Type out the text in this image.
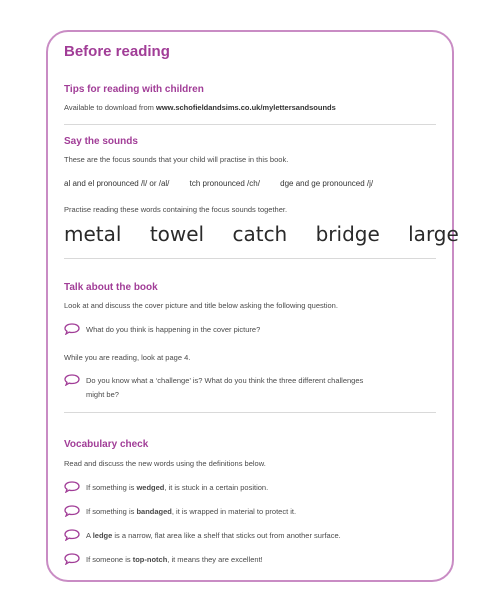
Before reading
Tips for reading with children
Available to download from www.schofieldandsims.co.uk/mylettersandsounds
Say the sounds
These are the focus sounds that your child will practise in this book.
al and el pronounced /l/ or /al/	tch pronounced /ch/	dge and ge pronounced /j/
Practise reading these words containing the focus sounds together.
metal towel catch bridge large
Talk about the book
Look at and discuss the cover picture and title below asking the following question.
What do you think is happening in the cover picture?
While you are reading, look at page 4.
Do you know what a ‘challenge’ is? What do you think the three different challenges
might be?
Vocabulary check
Read and discuss the new words using the definitions below.
If something is wedged, it is stuck in a certain position.
If something is bandaged, it is wrapped in material to protect it.
A ledge is a narrow, flat area like a shelf that sticks out from another surface.
If someone is top-notch, it means they are excellent!
